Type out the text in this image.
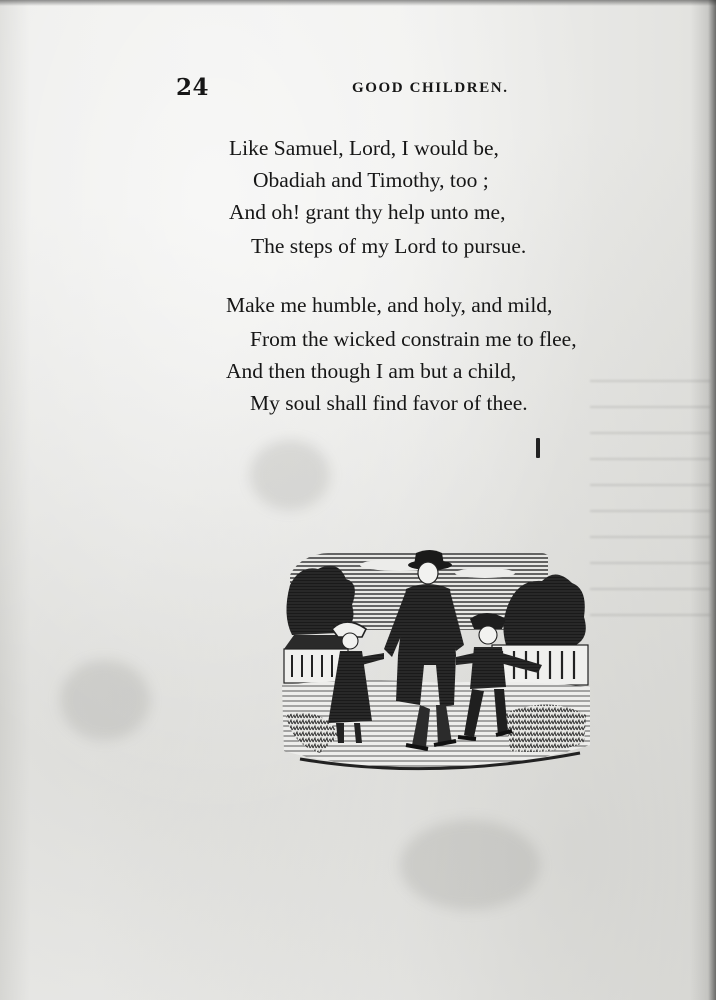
24	GOOD CHILDREN.
Like Samuel, Lord, I would be,
Obadiah and Timothy, too ;
And oh! grant thy help unto me,
The steps of my Lord to pursue.
Make me humble, and holy, and mild,
From the wicked constrain me to flee,
And then though I am but a child,
My soul shall find favor of thee.
